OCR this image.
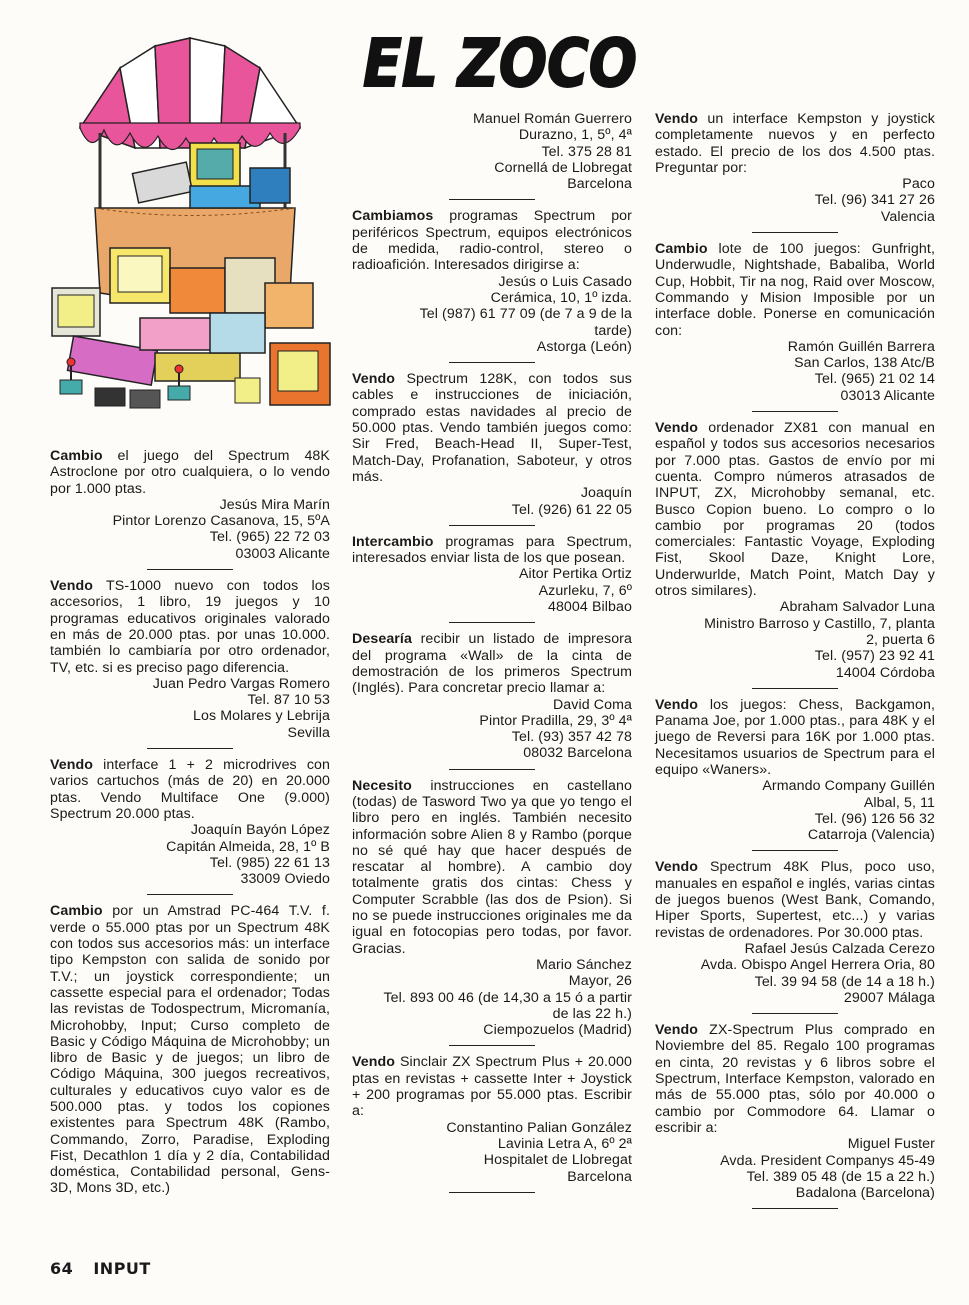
EL ZOCO

Cambio el juego del Spectrum 48K Astroclone por otro cualquiera, o lo vendo por 1.000 ptas.

Jesús Mira Marín
Pintor Lorenzo Casanova, 15, 5ºA
Tel. (965) 22 72 03
03003 Alicante

Vendo TS-1000 nuevo con todos los accesorios, 1 libro, 19 juegos y 10 programas educativos originales valorado en más de 20.000 ptas. por unas 10.000. también lo cambiaría por otro ordenador, TV, etc. si es preciso pago diferencia.

Juan Pedro Vargas Romero
Tel. 87 10 53
Los Molares y Lebrija
Sevilla

Vendo interface 1 + 2 microdrives con varios cartuchos (más de 20) en 20.000 ptas. Vendo Multiface One (9.000) Spectrum 20.000 ptas.

Joaquín Bayón López
Capitán Almeida, 28, 1º B
Tel. (985) 22 61 13
33009 Oviedo

Cambio por un Amstrad PC-464 T.V. f. verde o 55.000 ptas por un Spectrum 48K con todos sus accesorios más: un interface tipo Kempston con salida de sonido por T.V.; un joystick correspondiente; un cassette especial para el ordenador; Todas las revistas de Todospectrum, Micromanía, Microhobby, Input; Curso completo de Basic y Código Máquina de Microhobby; un libro de Basic y de juegos; un libro de Código Máquina, 300 juegos recreativos, culturales y educativos cuyo valor es de 500.000 ptas. y todos los copiones existentes para Spectrum 48K (Rambo, Commando, Zorro, Paradise, Exploding Fist, Decathlon 1 día y 2 día, Contabilidad doméstica, Contabilidad personal, Gens-3D, Mons 3D, etc.)

Manuel Román Guerrero
Durazno, 1, 5º, 4ª
Tel. 375 28 81
Cornellá de Llobregat
Barcelona

Cambiamos programas Spectrum por periféricos Spectrum, equipos electrónicos de medida, radio-control, stereo o radioafición. Interesados dirigirse a:

Jesús o Luis Casado
Cerámica, 10, 1º izda.
Tel (987) 61 77 09 (de 7 a 9 de la
tarde)
Astorga (León)

Vendo Spectrum 128K, con todos sus cables e instrucciones de iniciación, comprado estas navidades al precio de 50.000 ptas. Vendo también juegos como: Sir Fred, Beach-Head II, Super-Test, Match-Day, Profanation, Saboteur, y otros más.

Joaquín
Tel. (926) 61 22 05

Intercambio programas para Spectrum, interesados enviar lista de los que posean.

Aitor Pertika Ortiz
Azurleku, 7, 6º
48004 Bilbao

Desearía recibir un listado de impresora del programa «Wall» de la cinta de demostración de los primeros Spectrum (Inglés). Para concretar precio llamar a:

David Coma
Pintor Pradilla, 29, 3º 4ª
Tel. (93) 357 42 78
08032 Barcelona

Necesito instrucciones en castellano (todas) de Tasword Two ya que yo tengo el libro pero en inglés. También necesito información sobre Alien 8 y Rambo (porque no sé qué hay que hacer después de rescatar al hombre). A cambio doy totalmente gratis dos cintas: Chess y Computer Scrabble (las dos de Psion). Si no se puede instrucciones originales me da igual en fotocopias pero todas, por favor. Gracias.

Mario Sánchez
Mayor, 26
Tel. 893 00 46 (de 14,30 a 15 ó a partir
de las 22 h.)
Ciempozuelos (Madrid)

Vendo Sinclair ZX Spectrum Plus + 20.000 ptas en revistas + cassette Inter + Joystick + 200 programas por 55.000 ptas. Escribir a:

Constantino Palian González
Lavinia Letra A, 6º 2ª
Hospitalet de Llobregat
Barcelona

Vendo un interface Kempston y joystick completamente nuevos y en perfecto estado. El precio de los dos 4.500 ptas. Preguntar por:

Paco
Tel. (96) 341 27 26
Valencia

Cambio lote de 100 juegos: Gunfright, Underwudle, Nightshade, Babaliba, World Cup, Hobbit, Tir na nog, Raid over Moscow, Commando y Mision Imposible por un interface doble. Ponerse en comunicación con:

Ramón Guillén Barrera
San Carlos, 138 Atc/B
Tel. (965) 21 02 14
03013 Alicante

Vendo ordenador ZX81 con manual en español y todos sus accesorios necesarios por 7.000 ptas. Gastos de envío por mi cuenta. Compro números atrasados de INPUT, ZX, Microhobby semanal, etc. Busco Copion bueno. Lo compro o lo cambio por programas 20 (todos comerciales: Fantastic Voyage, Exploding Fist, Skool Daze, Knight Lore, Underwurlde, Match Point, Match Day y otros similares).

Abraham Salvador Luna
Ministro Barroso y Castillo, 7, planta
2, puerta 6
Tel. (957) 23 92 41
14004 Córdoba

Vendo los juegos: Chess, Backgamon, Panama Joe, por 1.000 ptas., para 48K y el juego de Reversi para 16K por 1.000 ptas. Necesitamos usuarios de Spectrum para el equipo «Waners».

Armando Company Guillén
Albal, 5, 11
Tel. (96) 126 56 32
Catarroja (Valencia)

Vendo Spectrum 48K Plus, poco uso, manuales en español e inglés, varias cintas de juegos buenos (West Bank, Comando, Hiper Sports, Supertest, etc...) y varias revistas de ordenadores. Por 30.000 ptas.

Rafael Jesús Calzada Cerezo
Avda. Obispo Angel Herrera Oria, 80
Tel. 39 94 58 (de 14 a 18 h.)
29007 Málaga

Vendo ZX-Spectrum Plus comprado en Noviembre del 85. Regalo 100 programas en cinta, 20 revistas y 6 libros sobre el Spectrum, Interface Kempston, valorado en más de 55.000 ptas, sólo por 40.000 o cambio por Commodore 64. Llamar o escribir a:

Miguel Fuster
Avda. President Companys 45-49
Tel. 389 05 48 (de 15 a 22 h.)
Badalona (Barcelona)
64 INPUT
